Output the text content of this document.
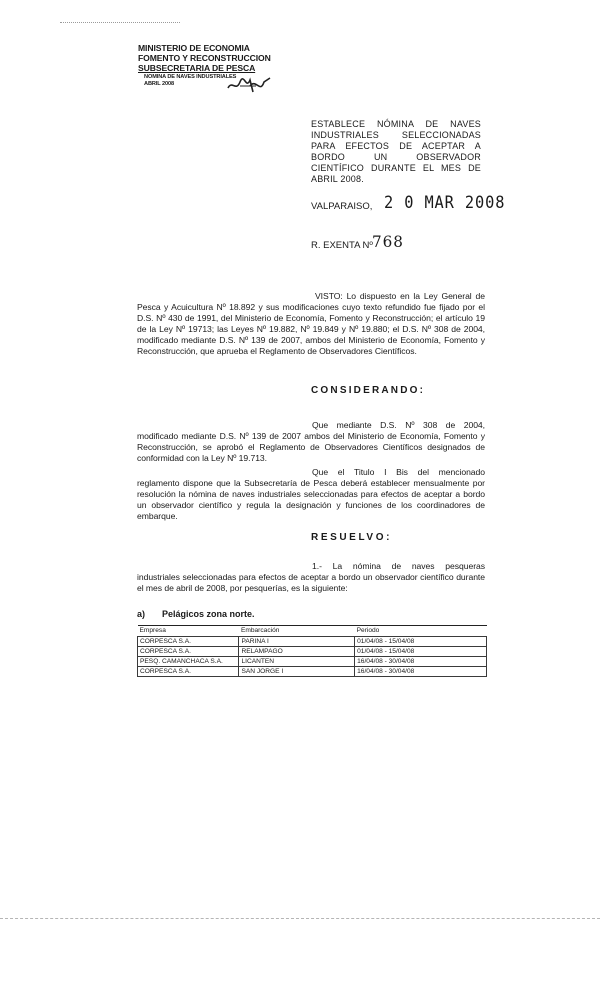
MINISTERIO DE ECONOMIA
FOMENTO Y RECONSTRUCCION
SUBSECRETARIA DE PESCA
NOMINA DE NAVES INDUSTRIALES
ABRIL 2008
ESTABLECE NÓMINA DE NAVES INDUSTRIALES SELECCIONADAS PARA EFECTOS DE ACEPTAR A BORDO UN OBSERVADOR CIENTÍFICO DURANTE EL MES DE ABRIL 2008.
VALPARAISO, 2 0 MAR 2008
R. EXENTA Nº 768
VISTO: Lo dispuesto en la Ley General de Pesca y Acuicultura Nº 18.892 y sus modificaciones cuyo texto refundido fue fijado por el D.S. Nº 430 de 1991, del Ministerio de Economía, Fomento y Reconstrucción; el artículo 19 de la Ley Nº 19713; las Leyes Nº 19.882, Nº 19.849 y Nº 19.880; el D.S. Nº 308 de 2004, modificado mediante D.S. Nº 139 de 2007, ambos del Ministerio de Economía, Fomento y Reconstrucción, que aprueba el Reglamento de Observadores Científicos.
CONSIDERANDO:
Que mediante D.S. Nº 308 de 2004, modificado mediante D.S. Nº 139 de 2007 ambos del Ministerio de Economía, Fomento y Reconstrucción, se aprobó el Reglamento de Observadores Científicos designados de conformidad con la Ley Nº 19.713.
Que el Titulo I Bis del mencionado reglamento dispone que la Subsecretaría de Pesca deberá establecer mensualmente por resolución la nómina de naves industriales seleccionadas para efectos de aceptar a bordo un observador científico y regula la designación y funciones de los coordinadores de embarque.
RESUELVO:
1.- La nómina de naves pesqueras industriales seleccionadas para efectos de aceptar a bordo un observador científico durante el mes de abril de 2008, por pesquerías, es la siguiente:
a) Pelágicos zona norte.
Empresa	Embarcación	Periodo
CORPESCA S.A.	PARINA I	01/04/08 - 15/04/08
CORPESCA S.A.	RELAMPAGO	01/04/08 - 15/04/08
PESQ. CAMANCHACA S.A.	LICANTEN	16/04/08 - 30/04/08
CORPESCA S.A.	SAN JORGE I	16/04/08 - 30/04/08
